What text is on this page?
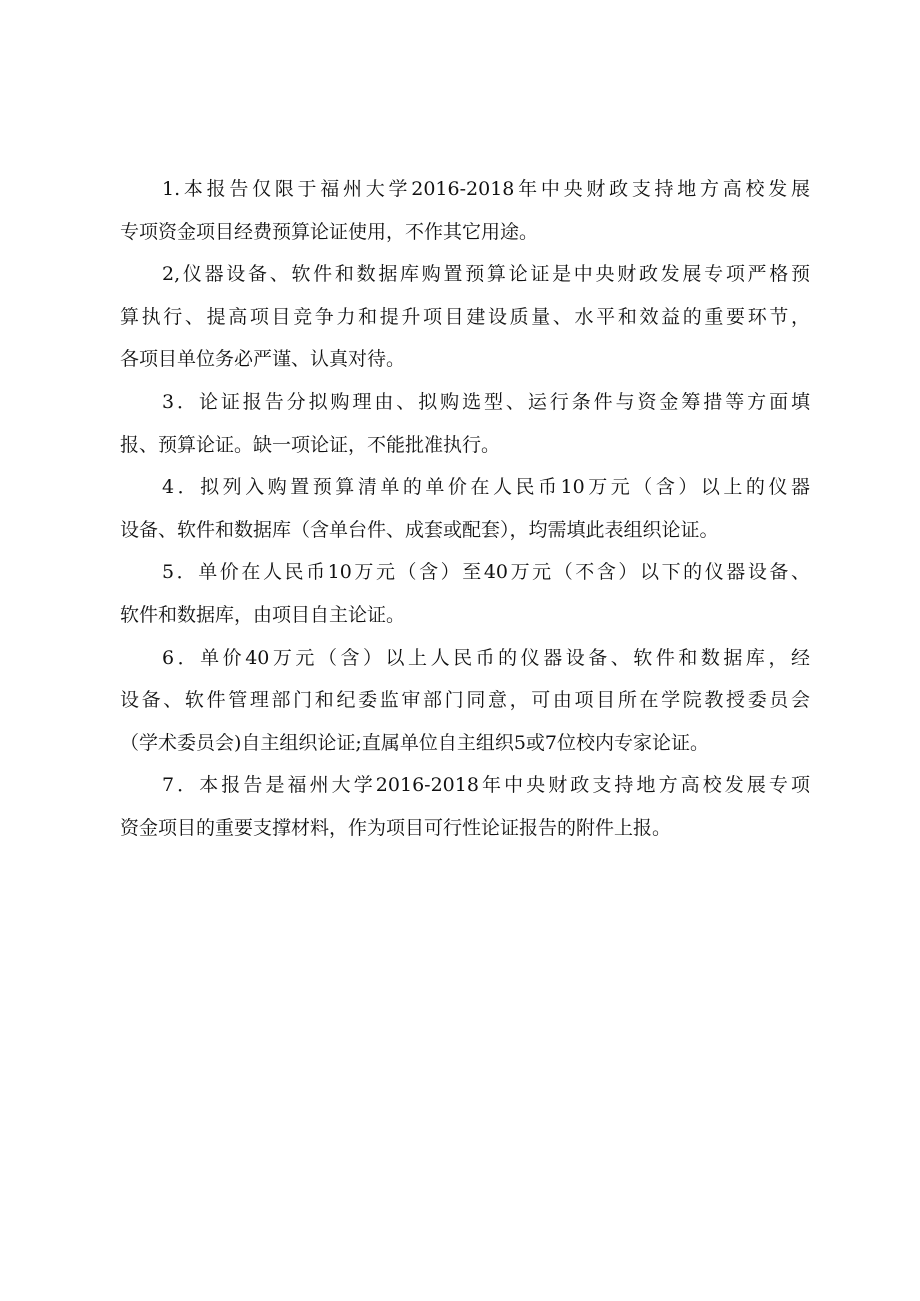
1.本报告仅限于福州大学2016-2018年中央财政支持地方高校发展
专项资金项目经费预算论证使用，不作其它用途。
2,仪器设备、软件和数据库购置预算论证是中央财政发展专项严格预
算执行、提高项目竞争力和提升项目建设质量、水平和效益的重要环节，
各项目单位务必严谨、认真对待。
3．论证报告分拟购理由、拟购选型、运行条件与资金筹措等方面填
报、预算论证。缺一项论证，不能批准执行。
4．拟列入购置预算清单的单价在人民币10万元（含）以上的仪器
设备、软件和数据库（含单台件、成套或配套），均需填此表组织论证。
5．单价在人民币10万元（含）至40万元（不含）以下的仪器设备、
软件和数据库，由项目自主论证。
6．单价40万元（含）以上人民币的仪器设备、软件和数据库，经
设备、软件管理部门和纪委监审部门同意，可由项目所在学院教授委员会
（学术委员会)自主组织论证;直属单位自主组织5或7位校内专家论证。
7．本报告是福州大学2016-2018年中央财政支持地方高校发展专项
资金项目的重要支撑材料，作为项目可行性论证报告的附件上报。
